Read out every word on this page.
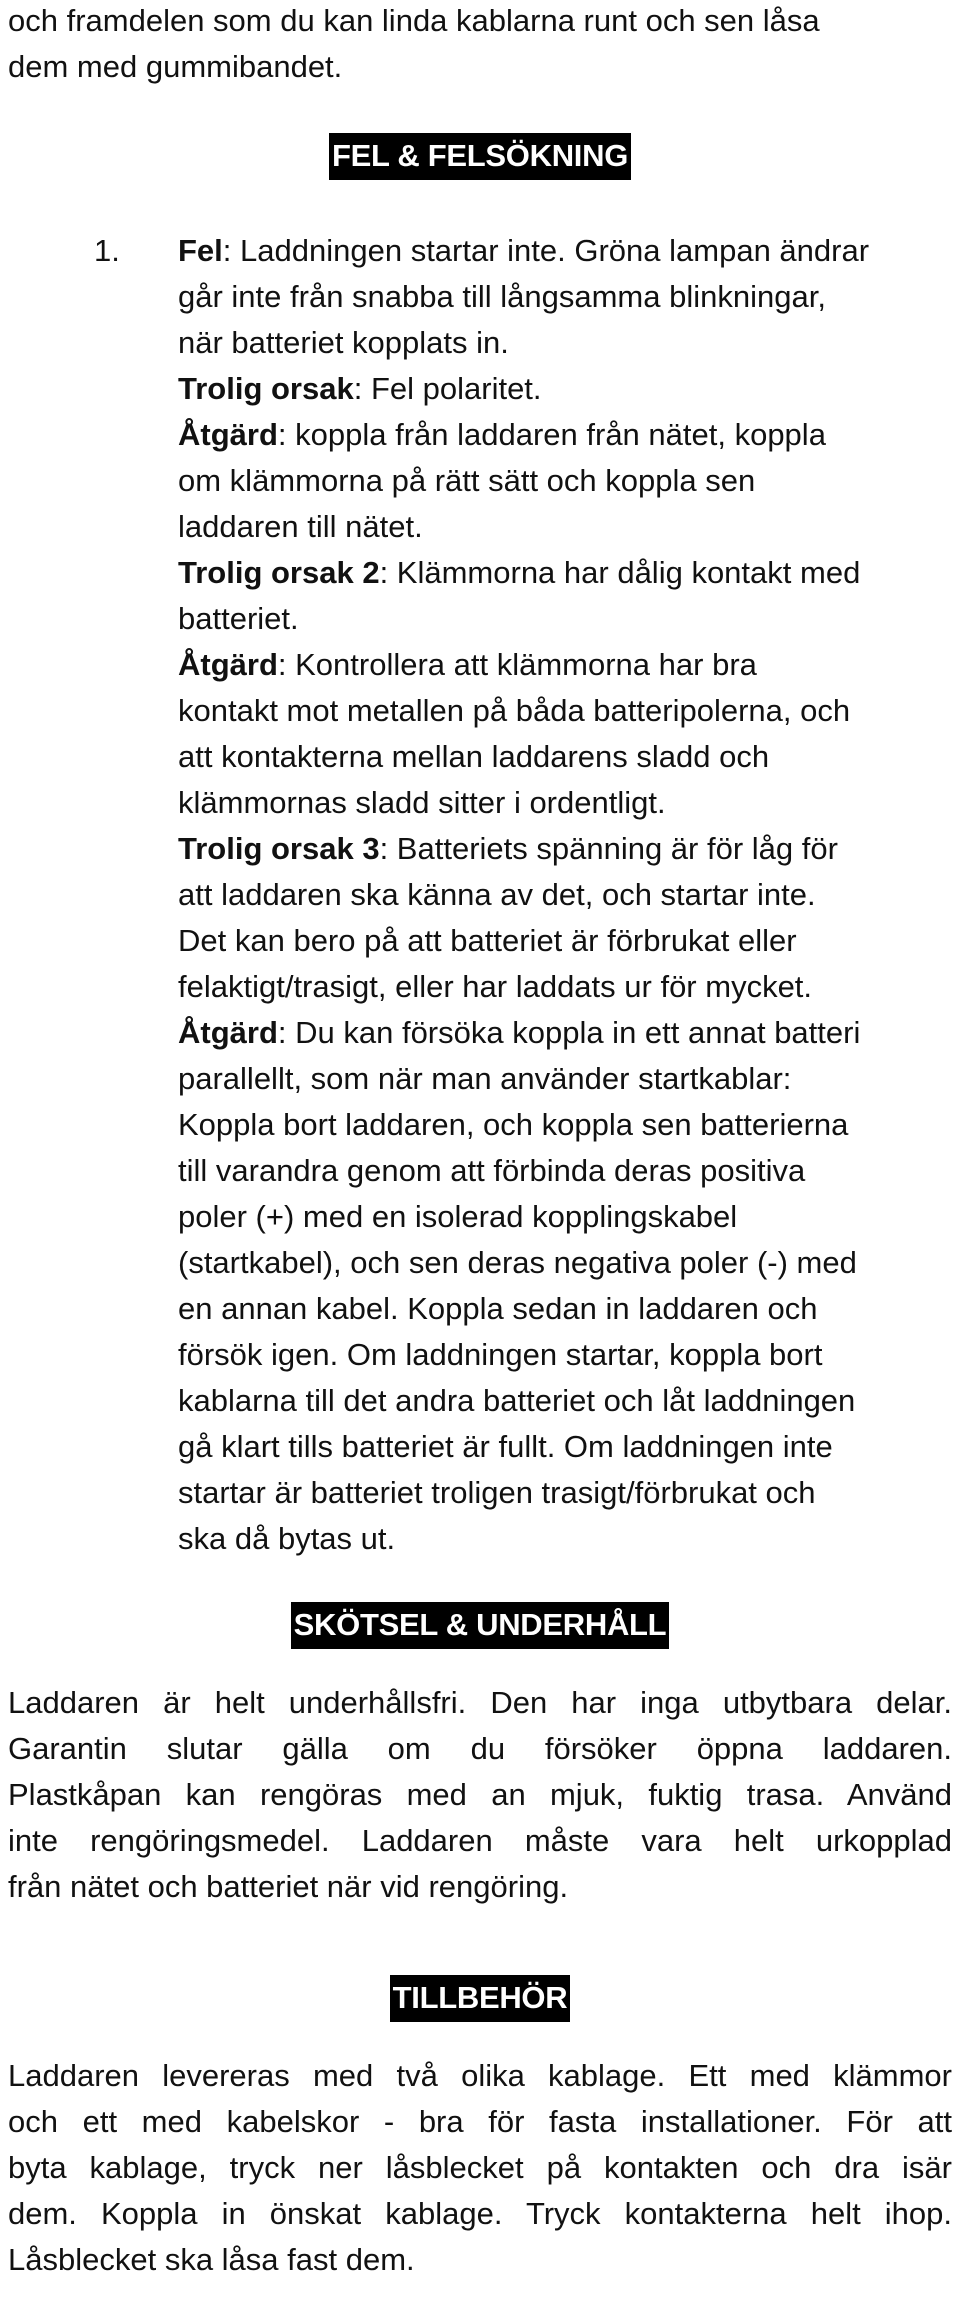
och framdelen som du kan linda kablarna runt och sen låsa
dem med gummibandet.
FEL & FELSÖKNING
1. Fel: Laddningen startar inte. Gröna lampan ändrar
går inte från snabba till långsamma blinkningar,
när batteriet kopplats in.
Trolig orsak: Fel polaritet.
Åtgärd: koppla från laddaren från nätet, koppla
om klämmorna på rätt sätt och koppla sen
laddaren till nätet.
Trolig orsak 2: Klämmorna har dålig kontakt med
batteriet.
Åtgärd: Kontrollera att klämmorna har bra
kontakt mot metallen på båda batteripolerna, och
att kontakterna mellan laddarens sladd och
klämmornas sladd sitter i ordentligt.
Trolig orsak 3: Batteriets spänning är för låg för
att laddaren ska känna av det, och startar inte.
Det kan bero på att batteriet är förbrukat eller
felaktigt/trasigt, eller har laddats ur för mycket.
Åtgärd: Du kan försöka koppla in ett annat batteri
parallellt, som när man använder startkablar:
Koppla bort laddaren, och koppla sen batterierna
till varandra genom att förbinda deras positiva
poler (+) med en isolerad kopplingskabel
(startkabel), och sen deras negativa poler (-) med
en annan kabel. Koppla sedan in laddaren och
försök igen. Om laddningen startar, koppla bort
kablarna till det andra batteriet och låt laddningen
gå klart tills batteriet är fullt. Om laddningen inte
startar är batteriet troligen trasigt/förbrukat och
ska då bytas ut.
SKÖTSEL & UNDERHÅLL
Laddaren är helt underhållsfri. Den har inga utbytbara delar.
Garantin slutar gälla om du försöker öppna laddaren.
Plastkåpan kan rengöras med an mjuk, fuktig trasa. Använd
inte rengöringsmedel. Laddaren måste vara helt urkopplad
från nätet och batteriet när vid rengöring.
TILLBEHÖR
Laddaren levereras med två olika kablage. Ett med klämmor
och ett med kabelskor - bra för fasta installationer. För att
byta kablage, tryck ner låsblecket på kontakten och dra isär
dem. Koppla in önskat kablage. Tryck kontakterna helt ihop.
Låsblecket ska låsa fast dem.
